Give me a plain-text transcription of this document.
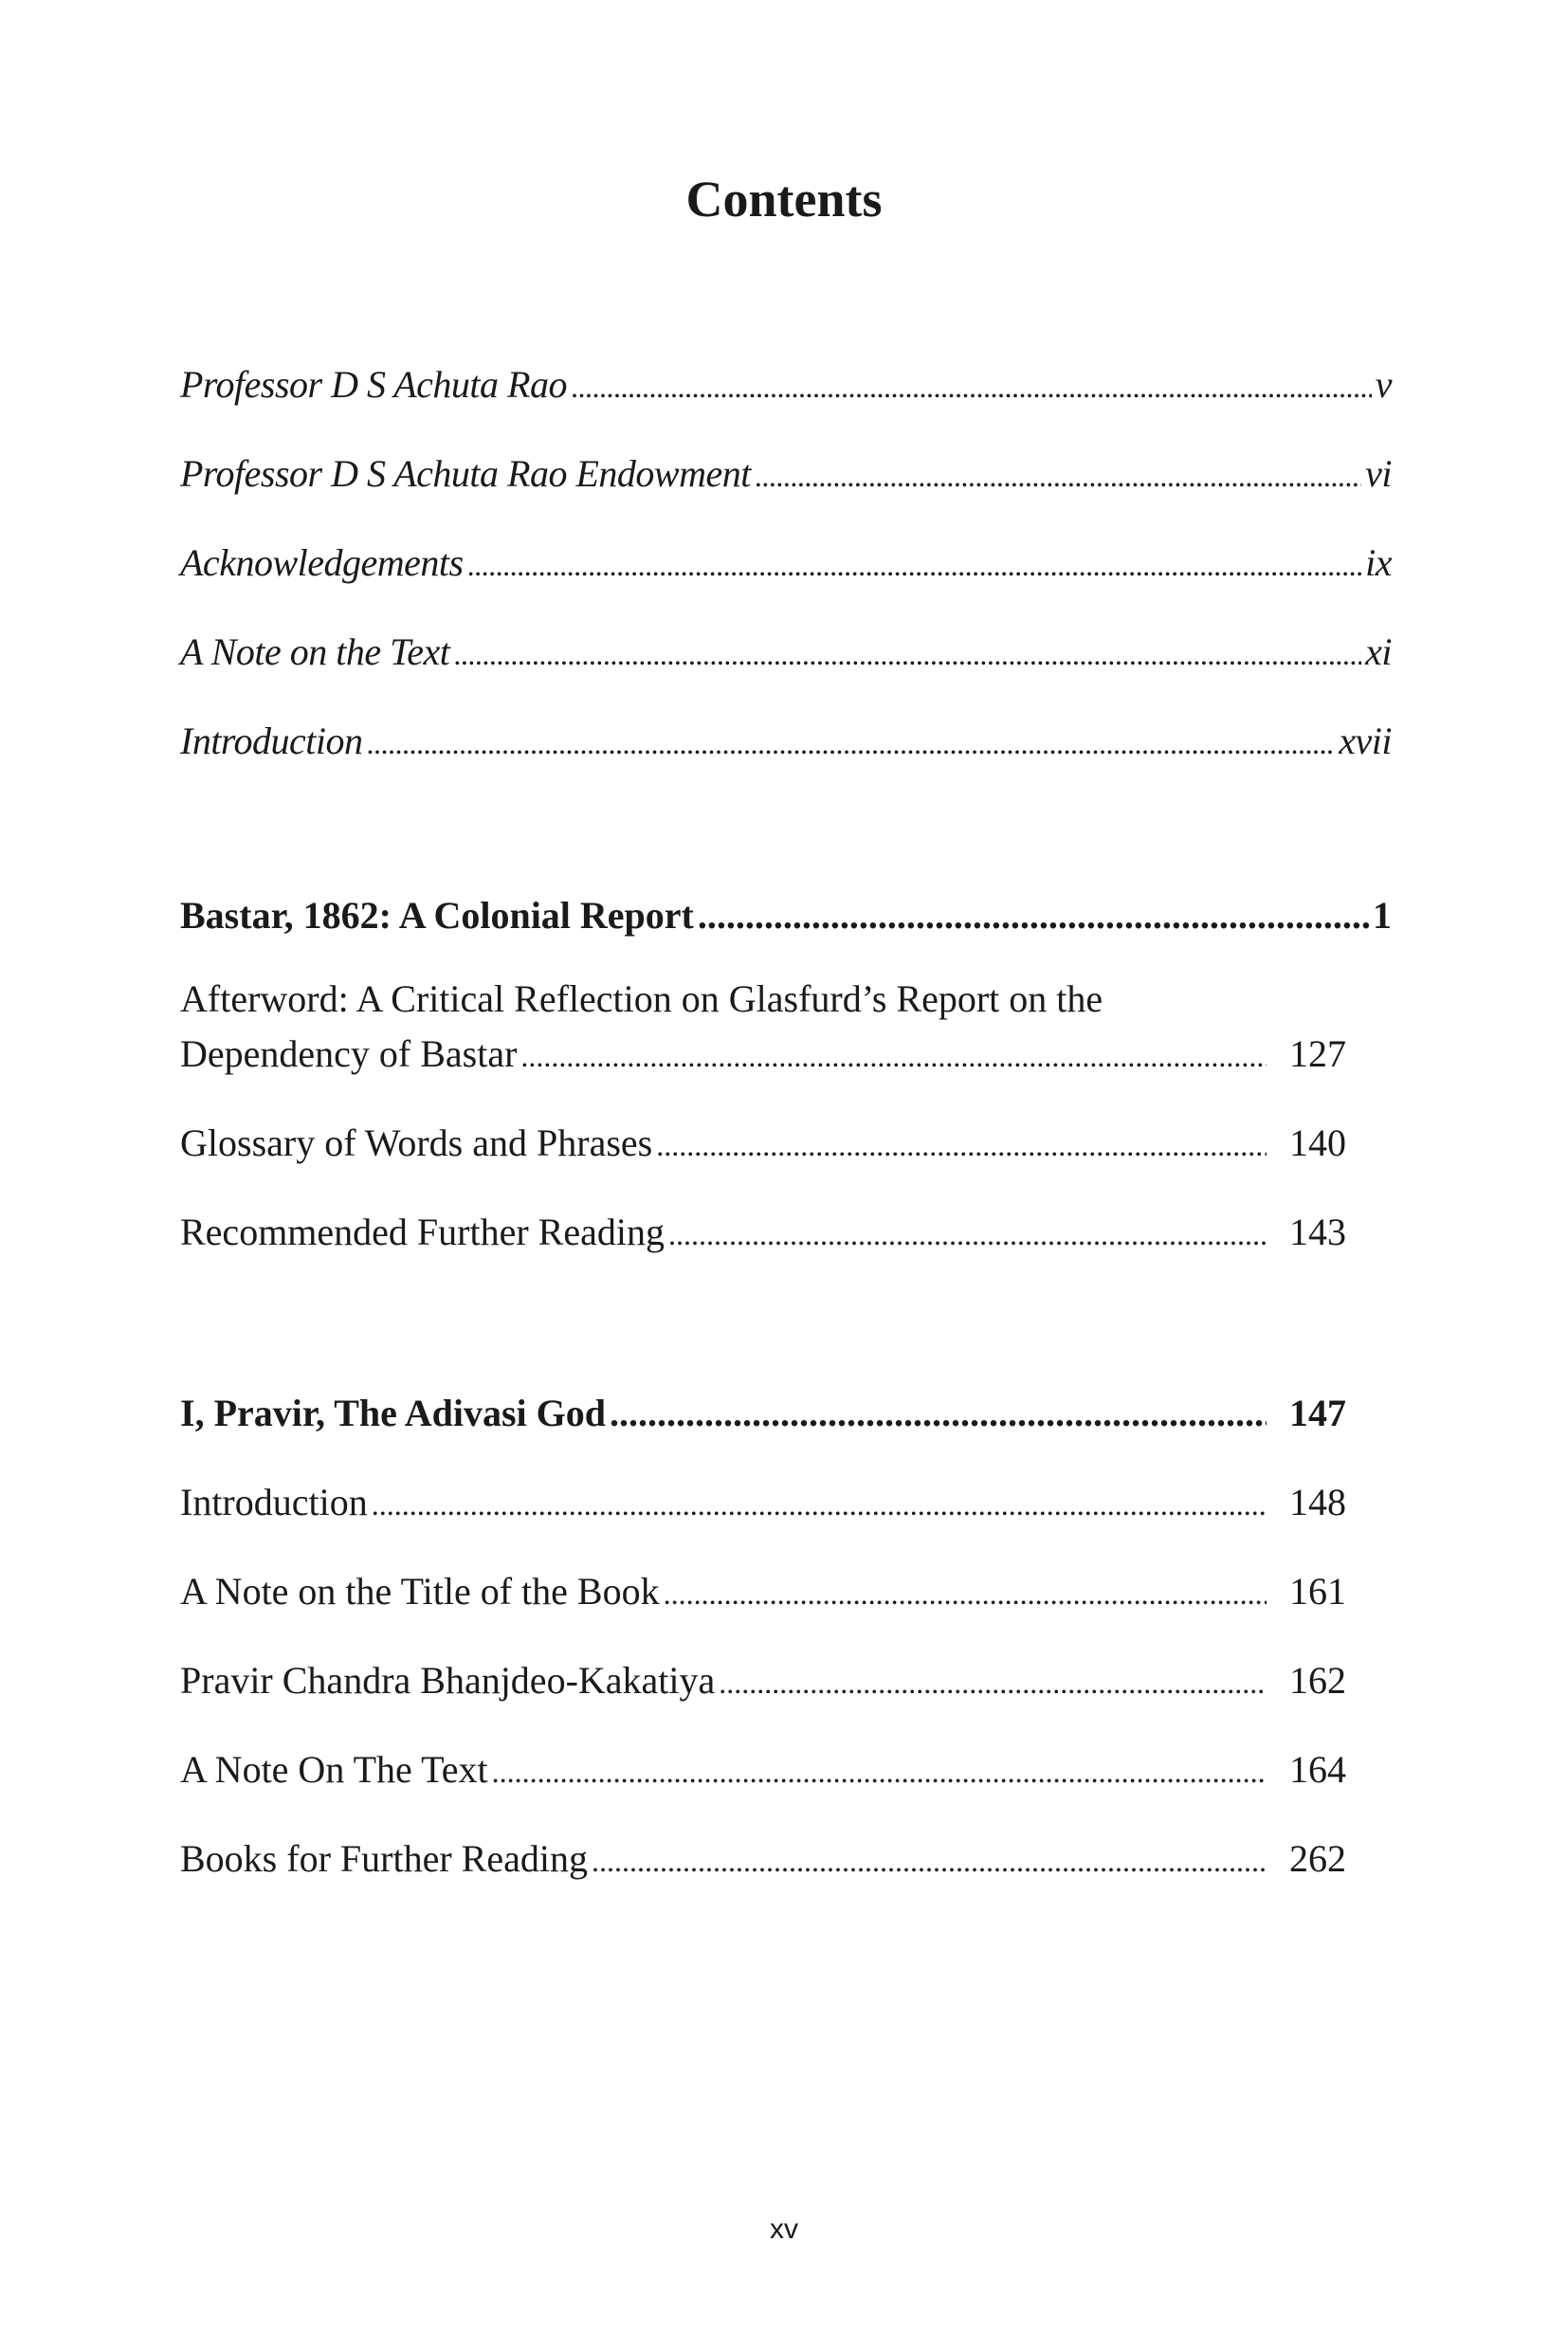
Contents
Professor D S Achuta Rao .....	v
Professor D S Achuta Rao Endowment .....	vi
Acknowledgements .....	ix
A Note on the Text .....	xi
Introduction .....	xvii
Bastar, 1862: A Colonial Report .....	1
Afterword: A Critical Reflection on Glasfurd’s Report on the
Dependency of Bastar .....	127
Glossary of Words and Phrases .....	140
Recommended Further Reading .....	143
I, Pravir, The Adivasi God .....	147
Introduction .....	148
A Note on the Title of the Book .....	161
Pravir Chandra Bhanjdeo-Kakatiya .....	162
A Note On The Text .....	164
Books for Further Reading .....	262
xv
